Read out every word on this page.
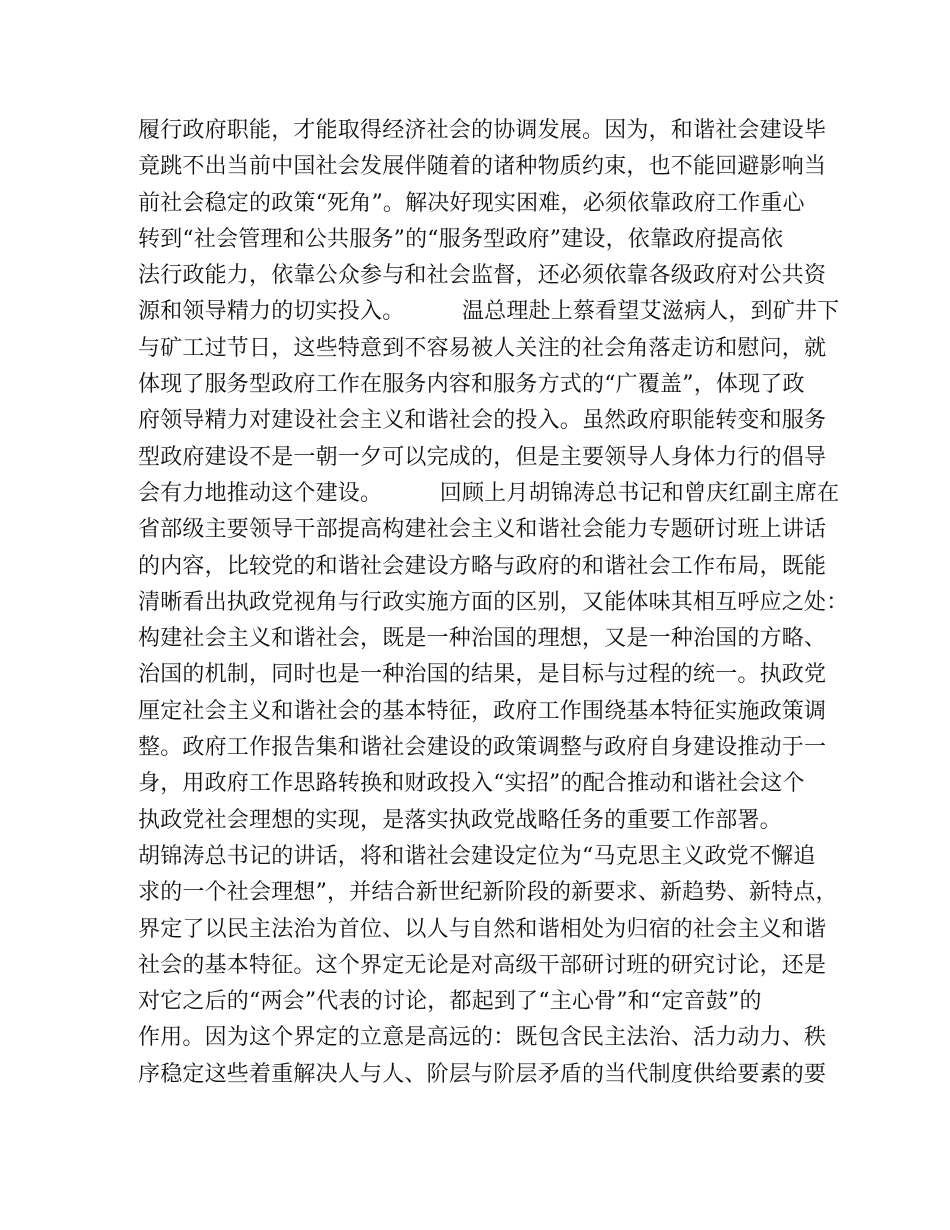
履行政府职能，才能取得经济社会的协调发展。因为，和谐社会建设毕
竟跳不出当前中国社会发展伴随着的诸种物质约束，也不能回避影响当
前社会稳定的政策“死角”。解决好现实困难，必须依靠政府工作重心
转到“社会管理和公共服务”的“服务型政府”建设，依靠政府提高依
法行政能力，依靠公众参与和社会监督，还必须依靠各级政府对公共资
源和领导精力的切实投入。        温总理赴上蔡看望艾滋病人，到矿井下
与矿工过节日，这些特意到不容易被人关注的社会角落走访和慰问，就
体现了服务型政府工作在服务内容和服务方式的“广覆盖”，体现了政
府领导精力对建设社会主义和谐社会的投入。虽然政府职能转变和服务
型政府建设不是一朝一夕可以完成的，但是主要领导人身体力行的倡导
会有力地推动这个建设。        回顾上月胡锦涛总书记和曾庆红副主席在
省部级主要领导干部提高构建社会主义和谐社会能力专题研讨班上讲话
的内容，比较党的和谐社会建设方略与政府的和谐社会工作布局，既能
清晰看出执政党视角与行政实施方面的区别，又能体味其相互呼应之处：
构建社会主义和谐社会，既是一种治国的理想，又是一种治国的方略、
治国的机制，同时也是一种治国的结果，是目标与过程的统一。执政党
厘定社会主义和谐社会的基本特征，政府工作围绕基本特征实施政策调
整。政府工作报告集和谐社会建设的政策调整与政府自身建设推动于一
身，用政府工作思路转换和财政投入“实招”的配合推动和谐社会这个
执政党社会理想的实现，是落实执政党战略任务的重要工作部署。
胡锦涛总书记的讲话，将和谐社会建设定位为“马克思主义政党不懈追
求的一个社会理想”，并结合新世纪新阶段的新要求、新趋势、新特点，
界定了以民主法治为首位、以人与自然和谐相处为归宿的社会主义和谐
社会的基本特征。这个界定无论是对高级干部研讨班的研究讨论，还是
对它之后的“两会”代表的讨论，都起到了“主心骨”和“定音鼓”的
作用。因为这个界定的立意是高远的：既包含民主法治、活力动力、秩
序稳定这些着重解决人与人、阶层与阶层矛盾的当代制度供给要素的要
